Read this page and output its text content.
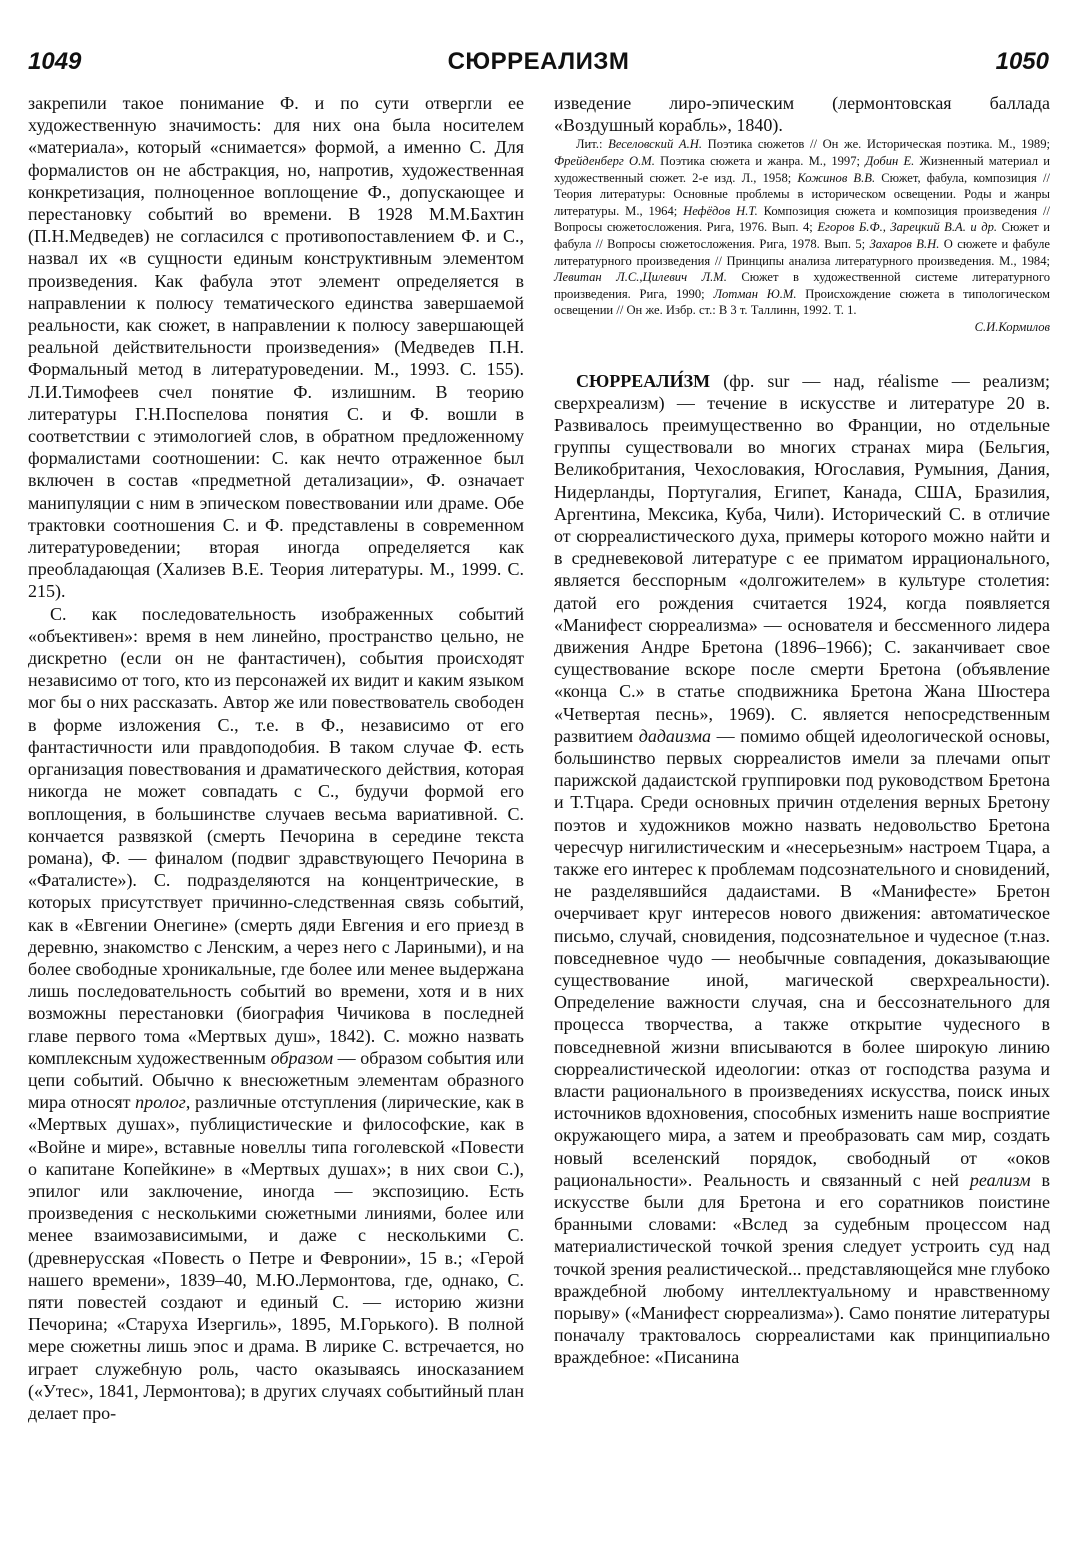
1049	СЮРРЕАЛИЗМ	1050

закрепили такое понимание Ф. и по сути отвергли ее художественную значимость: для них она была носителем «материала», который «снимается» формой, а именно С. Для формалистов он не абстракция, но, напротив, художественная конкретизация, полноценное воплощение Ф., допускающее и перестановку событий во времени. В 1928 М.М.Бахтин (П.Н.Медведев) не согласился с противопоставлением Ф. и С., назвал их «в сущности единым конструктивным элементом произведения. Как фабула этот элемент определяется в направлении к полюсу тематического единства завершаемой реальности, как сюжет, в направлении к полюсу завершающей реальной действительности произведения» (Медведев П.Н. Формальный метод в литературоведении. М., 1993. С. 155). Л.И.Тимофеев счел понятие Ф. излишним. В теорию литературы Г.Н.Поспелова понятия С. и Ф. вошли в соответствии с этимологией слов, в обратном предложенному формалистами соотношении: С. как нечто отраженное был включен в состав «предметной детализации», Ф. означает манипуляции с ним в эпическом повествовании или драме. Обе трактовки соотношения С. и Ф. представлены в современном литературоведении; вторая иногда определяется как преобладающая (Хализев В.Е. Теория литературы. М., 1999. С. 215).

С. как последовательность изображенных событий «объективен»: время в нем линейно, пространство цельно, не дискретно (если он не фантастичен), события происходят независимо от того, кто из персонажей их видит и каким языком мог бы о них рассказать. Автор же или повествователь свободен в форме изложения С., т.е. в Ф., независимо от его фантастичности или правдоподобия. В таком случае Ф. есть организация повествования и драматического действия, которая никогда не может совпадать с С., будучи формой его воплощения, в большинстве случаев весьма вариативной. С. кончается развязкой (смерть Печорина в середине текста романа), Ф. — финалом (подвиг здравствующего Печорина в «Фаталисте»). С. подразделяются на концентрические, в которых присутствует причинно-следственная связь событий, как в «Евгении Онегине» (смерть дяди Евгения и его приезд в деревню, знакомство с Ленским, а через него с Лариными), и на более свободные хроникальные, где более или менее выдержана лишь последовательность событий во времени, хотя и в них возможны перестановки (биография Чичикова в последней главе первого тома «Мертвых душ», 1842). С. можно назвать комплексным художественным образом — образом события или цепи событий. Обычно к внесюжетным элементам образного мира относят пролог, различные отступления (лирические, как в «Мертвых душах», публицистические и философские, как в «Войне и мире», вставные новеллы типа гоголевской «Повести о капитане Копейкине» в «Мертвых душах»; в них свои С.), эпилог или заключение, иногда — экспозицию. Есть произведения с несколькими сюжетными линиями, более или менее взаимозависимыми, и даже с несколькими С. (древнерусская «Повесть о Петре и Февронии», 15 в.; «Герой нашего времени», 1839–40, М.Ю.Лермонтова, где, однако, С. пяти повестей создают и единый С. — историю жизни Печорина; «Старуха Изергиль», 1895, М.Горького). В полной мере сюжетны лишь эпос и драма. В лирике С. встречается, но играет служебную роль, часто оказываясь иносказанием («Утес», 1841, Лермонтова); в других случаях событийный план делает про-

изведение лиро-эпическим (лермонтовская баллада «Воздушный корабль», 1840).

Лит.: Веселовский А.Н. Поэтика сюжетов // Он же. Историческая поэтика. М., 1989; Фрейденберг О.М. Поэтика сюжета и жанра. М., 1997; Добин Е. Жизненный материал и художественный сюжет. 2-е изд. Л., 1958; Кожинов В.В. Сюжет, фабула, композиция // Теория литературы: Основные проблемы в историческом освещении. Роды и жанры литературы. М., 1964; Нефёдов Н.Т. Композиция сюжета и композиция произведения // Вопросы сюжетосложения. Рига, 1976. Вып. 4; Егоров Б.Ф., Зарецкий В.А. и др. Сюжет и фабула // Вопросы сюжетосложения. Рига, 1978. Вып. 5; Захаров В.Н. О сюжете и фабуле литературного произведения // Принципы анализа литературного произведения. М., 1984; Левитан Л.С.,Цилевич Л.М. Сюжет в художественной системе литературного произведения. Рига, 1990; Лотман Ю.М. Происхождение сюжета в типологическом освещении // Он же. Избр. ст.: В 3 т. Таллинн, 1992. Т. 1.

С.И.Кормилов

СЮРРЕАЛИ́ЗМ (фр. sur — над, réalisme — реализм; сверхреализм) — течение в искусстве и литературе 20 в. Развивалось преимущественно во Франции, но отдельные группы существовали во многих странах мира (Бельгия, Великобритания, Чехословакия, Югославия, Румыния, Дания, Нидерланды, Португалия, Египет, Канада, США, Бразилия, Аргентина, Мексика, Куба, Чили). Исторический С. в отличие от сюрреалистического духа, примеры которого можно найти и в средневековой литературе с ее приматом иррационального, является бесспорным «долгожителем» в культуре столетия: датой его рождения считается 1924, когда появляется «Манифест сюрреализма» — основателя и бессменного лидера движения Андре Бретона (1896–1966); С. заканчивает свое существование вскоре после смерти Бретона (объявление «конца С.» в статье сподвижника Бретона Жана Шюстера «Четвертая песнь», 1969). С. является непосредственным развитием дадаизма — помимо общей идеологической основы, большинство первых сюрреалистов имели за плечами опыт парижской дадаистской группировки под руководством Бретона и Т.Тцара. Среди основных причин отделения верных Бретону поэтов и художников можно назвать недовольство Бретона чересчур нигилистическим и «несерьезным» настроем Тцара, а также его интерес к проблемам подсознательного и сновидений, не разделявшийся дадаистами. В «Манифесте» Бретон очерчивает круг интересов нового движения: автоматическое письмо, случай, сновидения, подсознательное и чудесное (т.наз. повседневное чудо — необычные совпадения, доказывающие существование иной, магической сверхреальности). Определение важности случая, сна и бессознательного для процесса творчества, а также открытие чудесного в повседневной жизни вписываются в более широкую линию сюрреалистической идеологии: отказ от господства разума и власти рационального в произведениях искусства, поиск иных источников вдохновения, способных изменить наше восприятие окружающего мира, а затем и преобразовать сам мир, создать новый вселенский порядок, свободный от «оков рациональности». Реальность и связанный с ней реализм в искусстве были для Бретона и его соратников поистине бранными словами: «Вслед за судебным процессом над материалистической точкой зрения следует устроить суд над точкой зрения реалистической... представляющейся мне глубоко враждебной любому интеллектуальному и нравственному порыву» («Манифест сюрреализма»). Само понятие литературы поначалу трактовалось сюрреалистами как принципиально враждебное: «Писанина
